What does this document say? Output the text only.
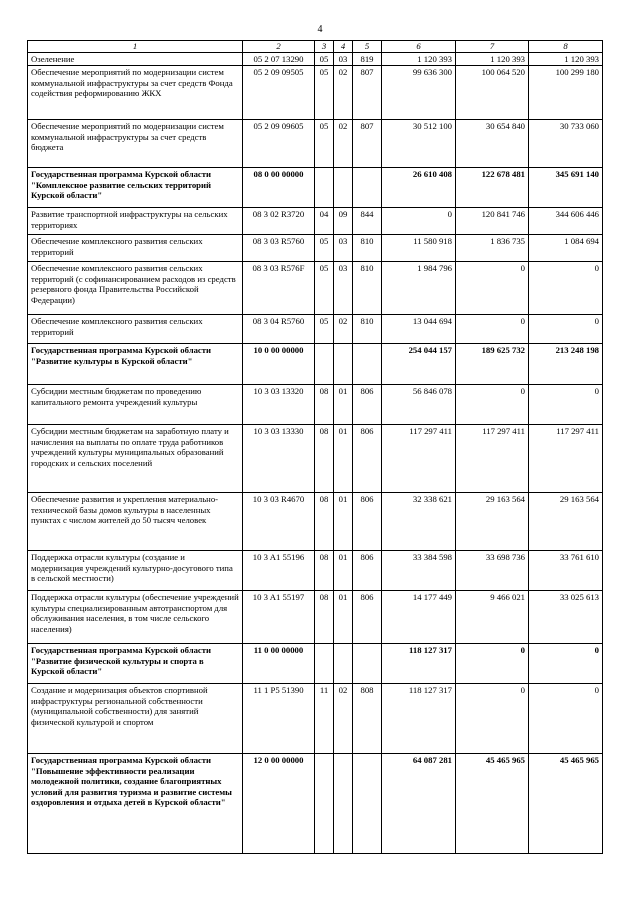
4
1	2	3	4	5	6	7	8
Озеленение	05 2 07 13290	05	03	819	1 120 393	1 120 393	1 120 393
Обеспечение мероприятий по модернизации систем коммунальной инфраструктуры за счет средств Фонда содействия реформированию ЖКХ	05 2 09 09505	05	02	807	99 636 300	100 064 520	100 299 180
Обеспечение мероприятий по модернизации систем коммунальной инфраструктуры за счет средств бюджета	05 2 09 09605	05	02	807	30 512 100	30 654 840	30 733 060
Государственная программа Курской области "Комплексное развитие сельских территорий Курской области"	08 0 00 00000				26 610 408	122 678 481	345 691 140
Развитие транспортной инфраструктуры на сельских территориях	08 3 02 R3720	04	09	844	0	120 841 746	344 606 446
Обеспечение комплексного развития сельских территорий	08 3 03 R5760	05	03	810	11 580 918	1 836 735	1 084 694
Обеспечение комплексного развития сельских территорий (с софинансированием расходов из средств резервного фонда Правительства Российской Федерации)	08 3 03 R576F	05	03	810	1 984 796	0	0
Обеспечение комплексного развития сельских территорий	08 3 04 R5760	05	02	810	13 044 694	0	0
Государственная программа Курской области "Развитие культуры в Курской области"	10 0 00 00000				254 044 157	189 625 732	213 248 198
Субсидии местным бюджетам по проведению капитального ремонта учреждений культуры	10 3 03 13320	08	01	806	56 846 078	0	0
Субсидии местным бюджетам на заработную плату и начисления на выплаты по оплате труда работников учреждений культуры муниципальных образований городских и сельских поселений	10 3 03 13330	08	01	806	117 297 411	117 297 411	117 297 411
Обеспечение развития и укрепления материально-технической базы домов культуры в населенных пунктах с числом жителей до 50 тысяч человек	10 3 03 R4670	08	01	806	32 338 621	29 163 564	29 163 564
Поддержка отрасли культуры (создание и модернизация учреждений культурно-досугового типа в сельской местности)	10 3 A1 55196	08	01	806	33 384 598	33 698 736	33 761 610
Поддержка отрасли культуры (обеспечение учреждений культуры специализированным автотранспортом для обслуживания населения, в том числе сельского населения)	10 3 A1 55197	08	01	806	14 177 449	9 466 021	33 025 613
Государственная программа Курской области "Развитие физической культуры и спорта в Курской области"	11 0 00 00000				118 127 317	0	0
Создание и модернизация объектов спортивной инфраструктуры региональной собственности (муниципальной собственности) для занятий физической культурой и спортом	11 1 P5 51390	11	02	808	118 127 317	0	0
Государственная программа Курской области "Повышение эффективности реализации молодежной политики, создание благоприятных условий для развития туризма и развитие системы оздоровления и отдыха детей в Курской области"	12 0 00 00000				64 087 281	45 465 965	45 465 965
